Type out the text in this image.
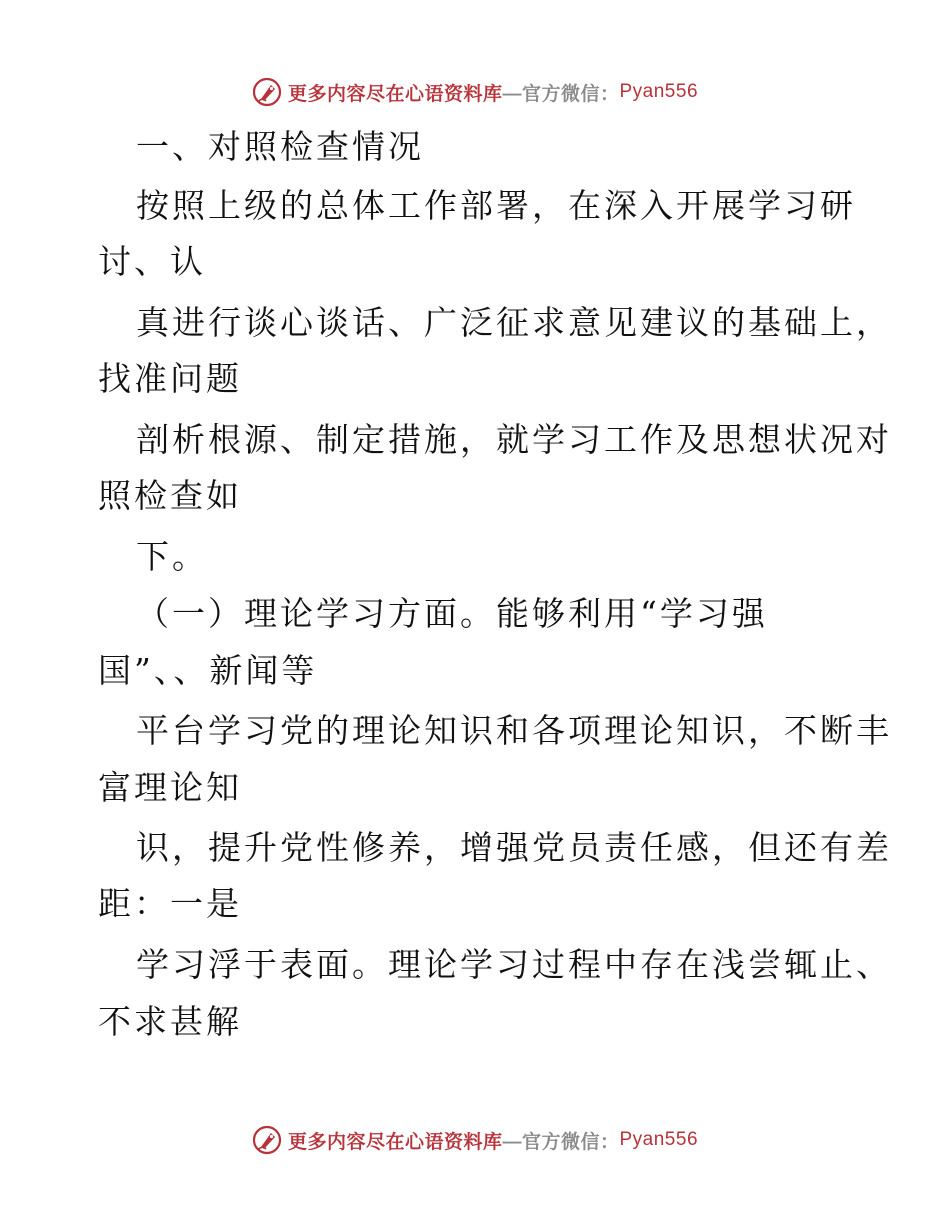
更多内容尽在心语资料库 —官方微信： Pyan556
一、对照检查情况
按照上级的总体工作部署，在深入开展学习研
讨、认
真进行谈心谈话、广泛征求意见建议的基础上，
找准问题
剖析根源、制定措施，就学习工作及思想状况对
照检查如
下。
（一）理论学习方面。能够利用“学习强
国”、、新闻等
平台学习党的理论知识和各项理论知识，不断丰
富理论知
识，提升党性修养，增强党员责任感，但还有差
距：一是
学习浮于表面。理论学习过程中存在浅尝辄止、
不求甚解
更多内容尽在心语资料库 —官方微信： Pyan556
